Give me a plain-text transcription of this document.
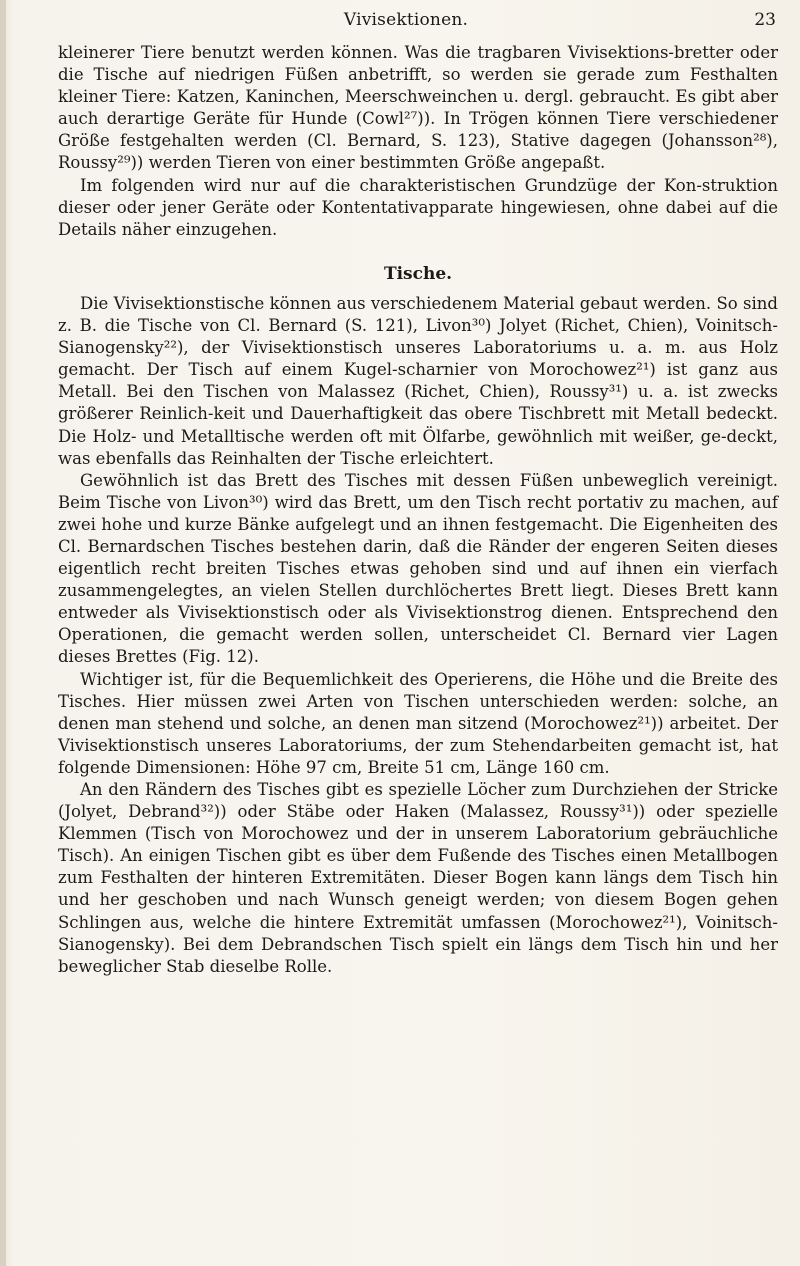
Vivisektionen.	23

kleinerer Tiere benutzt werden können. Was die tragbaren Vivisektions-bretter oder die Tische auf niedrigen Füßen anbetrifft, so werden sie gerade zum Festhalten kleiner Tiere: Katzen, Kaninchen, Meerschweinchen u. dergl. gebraucht. Es gibt aber auch derartige Geräte für Hunde (Cowl²⁷)). In Trögen können Tiere verschiedener Größe festgehalten werden (Cl. Bernard, S. 123), Stative dagegen (Johansson²⁸), Roussy²⁹)) werden Tieren von einer bestimmten Größe angepaßt.

Im folgenden wird nur auf die charakteristischen Grundzüge der Kon-struktion dieser oder jener Geräte oder Kontentativapparate hingewiesen, ohne dabei auf die Details näher einzugehen.

Tische.

Die Vivisektionstische können aus verschiedenem Material gebaut werden. So sind z. B. die Tische von Cl. Bernard (S. 121), Livon³⁰) Jolyet (Richet, Chien), Voinitsch-Sianogensky²²), der Vivisektionstisch unseres Laboratoriums u. a. m. aus Holz gemacht. Der Tisch auf einem Kugel-scharnier von Morochowez²¹) ist ganz aus Metall. Bei den Tischen von Malassez (Richet, Chien), Roussy³¹) u. a. ist zwecks größerer Reinlich-keit und Dauerhaftigkeit das obere Tischbrett mit Metall bedeckt. Die Holz- und Metalltische werden oft mit Ölfarbe, gewöhnlich mit weißer, ge-deckt, was ebenfalls das Reinhalten der Tische erleichtert.

Gewöhnlich ist das Brett des Tisches mit dessen Füßen unbeweglich vereinigt. Beim Tische von Livon³⁰) wird das Brett, um den Tisch recht portativ zu machen, auf zwei hohe und kurze Bänke aufgelegt und an ihnen festgemacht. Die Eigenheiten des Cl. Bernardschen Tisches bestehen darin, daß die Ränder der engeren Seiten dieses eigentlich recht breiten Tisches etwas gehoben sind und auf ihnen ein vierfach zusammengelegtes, an vielen Stellen durchlöchertes Brett liegt. Dieses Brett kann entweder als Vivisektionstisch oder als Vivisektionstrog dienen. Entsprechend den Operationen, die gemacht werden sollen, unterscheidet Cl. Bernard vier Lagen dieses Brettes (Fig. 12).

Wichtiger ist, für die Bequemlichkeit des Operierens, die Höhe und die Breite des Tisches. Hier müssen zwei Arten von Tischen unterschieden werden: solche, an denen man stehend und solche, an denen man sitzend (Morochowez²¹)) arbeitet. Der Vivisektionstisch unseres Laboratoriums, der zum Stehendarbeiten gemacht ist, hat folgende Dimensionen: Höhe 97 cm, Breite 51 cm, Länge 160 cm.

An den Rändern des Tisches gibt es spezielle Löcher zum Durchziehen der Stricke (Jolyet, Debrand³²)) oder Stäbe oder Haken (Malassez, Roussy³¹)) oder spezielle Klemmen (Tisch von Morochowez und der in unserem Laboratorium gebräuchliche Tisch). An einigen Tischen gibt es über dem Fußende des Tisches einen Metallbogen zum Festhalten der hinteren Extremitäten. Dieser Bogen kann längs dem Tisch hin und her geschoben und nach Wunsch geneigt werden; von diesem Bogen gehen Schlingen aus, welche die hintere Extremität umfassen (Morochowez²¹), Voinitsch-Sianogensky). Bei dem Debrandschen Tisch spielt ein längs dem Tisch hin und her beweglicher Stab dieselbe Rolle.
